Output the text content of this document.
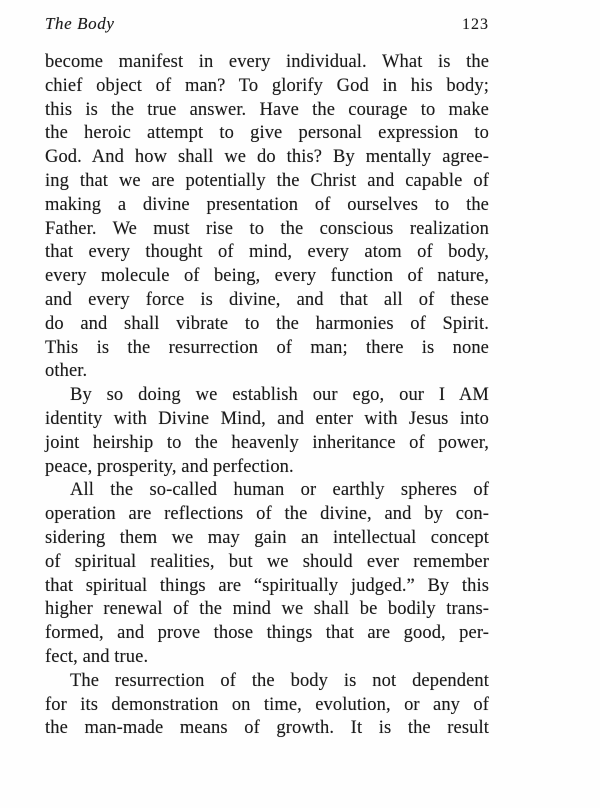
The Body	123
become manifest in every individual. What is the
chief object of man? To glorify God in his body;
this is the true answer. Have the courage to make
the heroic attempt to give personal expression to
God. And how shall we do this? By mentally agree-
ing that we are potentially the Christ and capable of
making a divine presentation of ourselves to the
Father. We must rise to the conscious realization
that every thought of mind, every atom of body,
every molecule of being, every function of nature,
and every force is divine, and that all of these
do and shall vibrate to the harmonies of Spirit.
This is the resurrection of man; there is none
other.
By so doing we establish our ego, our I AM
identity with Divine Mind, and enter with Jesus into
joint heirship to the heavenly inheritance of power,
peace, prosperity, and perfection.
All the so-called human or earthly spheres of
operation are reflections of the divine, and by con-
sidering them we may gain an intellectual concept
of spiritual realities, but we should ever remember
that spiritual things are “spiritually judged.” By this
higher renewal of the mind we shall be bodily trans-
formed, and prove those things that are good, per-
fect, and true.
The resurrection of the body is not dependent
for its demonstration on time, evolution, or any of
the man-made means of growth. It is the result
